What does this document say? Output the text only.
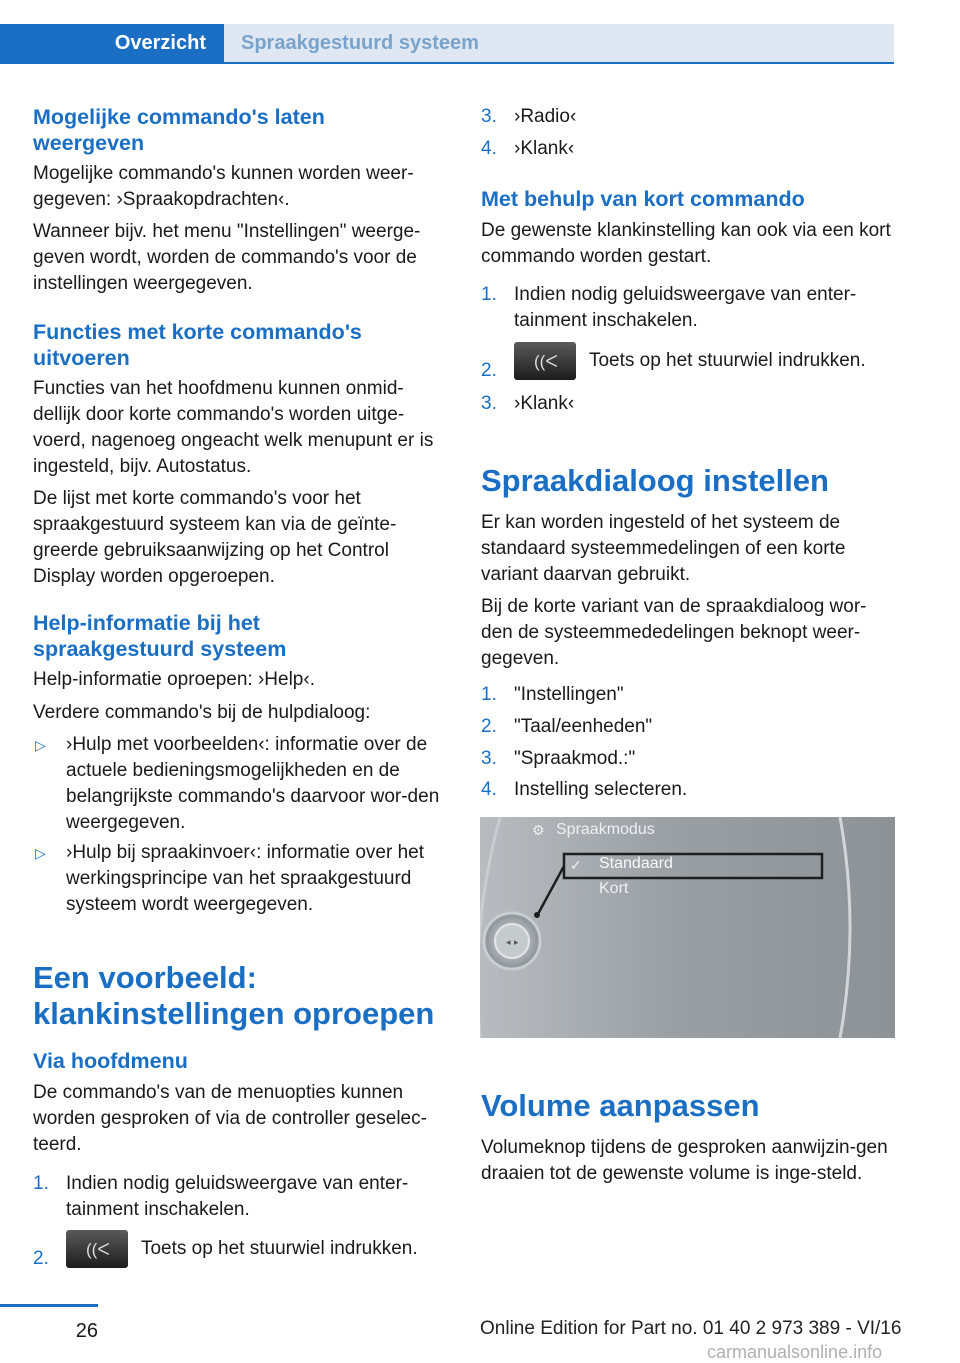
Overzicht	Spraakgestuurd systeem
Mogelijke commando's laten weergeven
Mogelijke commando's kunnen worden weer-gegeven: ›Spraakopdrachten‹.
Wanneer bijv. het menu "Instellingen" weerge-geven wordt, worden de commando's voor de instellingen weergegeven.
Functies met korte commando's uitvoeren
Functies van het hoofdmenu kunnen onmid-dellijk door korte commando's worden uitge-voerd, nagenoeg ongeacht welk menupunt er is ingesteld, bijv. Autostatus.
De lijst met korte commando's voor het spraakgestuurd systeem kan via de geïnte-greerde gebruiksaanwijzing op het Control Display worden opgeroepen.
Help-informatie bij het spraakgestuurd systeem
Help-informatie oproepen: ›Help‹.
Verdere commando's bij de hulpdialoog:
▷ ›Hulp met voorbeelden‹: informatie over de actuele bedieningsmogelijkheden en de belangrijkste commando's daarvoor wor-den weergegeven.
▷ ›Hulp bij spraakinvoer‹: informatie over het werkingsprincipe van het spraakgestuurd systeem wordt weergegeven.
Een voorbeeld: klankinstellingen oproepen
Via hoofdmenu
De commando's van de menuopties kunnen worden gesproken of via de controller geselec-teerd.
1. Indien nodig geluidsweergave van enter-tainment inschakelen.
2. ((ᐸ Toets op het stuurwiel indrukken.
3. ›Radio‹
4. ›Klank‹
Met behulp van kort commando
De gewenste klankinstelling kan ook via een kort commando worden gestart.
1. Indien nodig geluidsweergave van enter-tainment inschakelen.
2. ((ᐸ Toets op het stuurwiel indrukken.
3. ›Klank‹
Spraakdialoog instellen
Er kan worden ingesteld of het systeem de standaard systeemmedelingen of een korte variant daarvan gebruikt.
Bij de korte variant van de spraakdialoog wor-den de systeemmededelingen beknopt weer-gegeven.
1. "Instellingen"
2. "Taal/eenheden"
3. "Spraakmod.:"
4. Instelling selecteren.
◂ ▸
⚙
✓
Spraakmodus
Standaard
Kort
Volume aanpassen
Volumeknop tijdens de gesproken aanwijzin-gen draaien tot de gewenste volume is inge-steld.
26	Online Edition for Part no. 01 40 2 973 389 - VI/16
carmanualsonline.info
